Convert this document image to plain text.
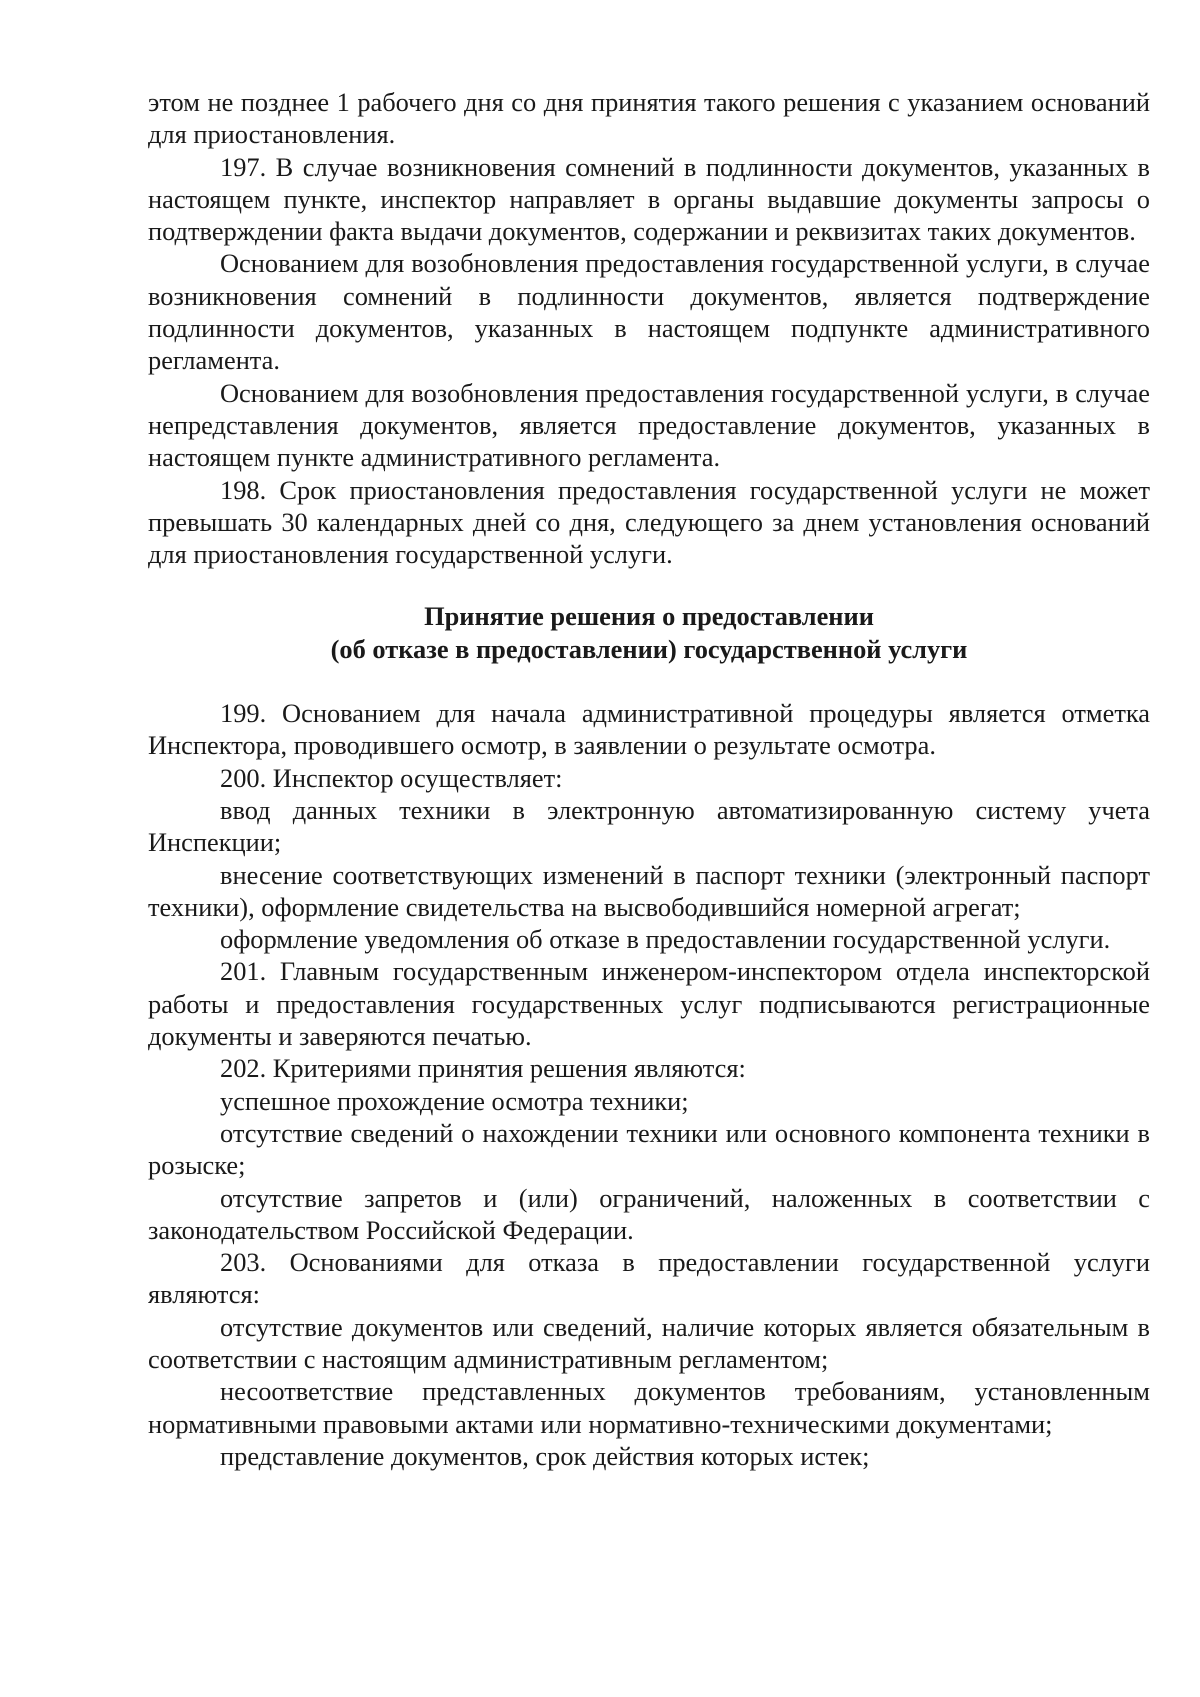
этом не позднее 1 рабочего дня со дня принятия такого решения с указанием оснований для приостановления.

197. В случае возникновения сомнений в подлинности документов, указанных в настоящем пункте, инспектор направляет в органы выдавшие документы запросы о подтверждении факта выдачи документов, содержании и реквизитах таких документов.

Основанием для возобновления предоставления государственной услуги, в случае возникновения сомнений в подлинности документов, является подтверждение подлинности документов, указанных в настоящем подпункте административного регламента.

Основанием для возобновления предоставления государственной услуги, в случае непредставления документов, является предоставление документов, указанных в настоящем пункте административного регламента.

198. Срок приостановления предоставления государственной услуги не может превышать 30 календарных дней со дня, следующего за днем установления оснований для приостановления государственной услуги.

Принятие решения о предоставлении
(об отказе в предоставлении) государственной услуги

199. Основанием для начала административной процедуры является отметка Инспектора, проводившего осмотр, в заявлении о результате осмотра.

200. Инспектор осуществляет:

ввод данных техники в электронную автоматизированную систему учета Инспекции;

внесение соответствующих изменений в паспорт техники (электронный паспорт техники), оформление свидетельства на высвободившийся номерной агрегат;

оформление уведомления об отказе в предоставлении государственной услуги.

201. Главным государственным инженером-инспектором отдела инспекторской работы и предоставления государственных услуг подписываются регистрационные документы и заверяются печатью.

202. Критериями принятия решения являются:

успешное прохождение осмотра техники;

отсутствие сведений о нахождении техники или основного компонента техники в розыске;

отсутствие запретов и (или) ограничений, наложенных в соответствии с законодательством Российской Федерации.

203. Основаниями для отказа в предоставлении государственной услуги являются:

отсутствие документов или сведений, наличие которых является обязательным в соответствии с настоящим административным регламентом;

несоответствие представленных документов требованиям, установленным нормативными правовыми актами или нормативно-техническими документами;

представление документов, срок действия которых истек;
